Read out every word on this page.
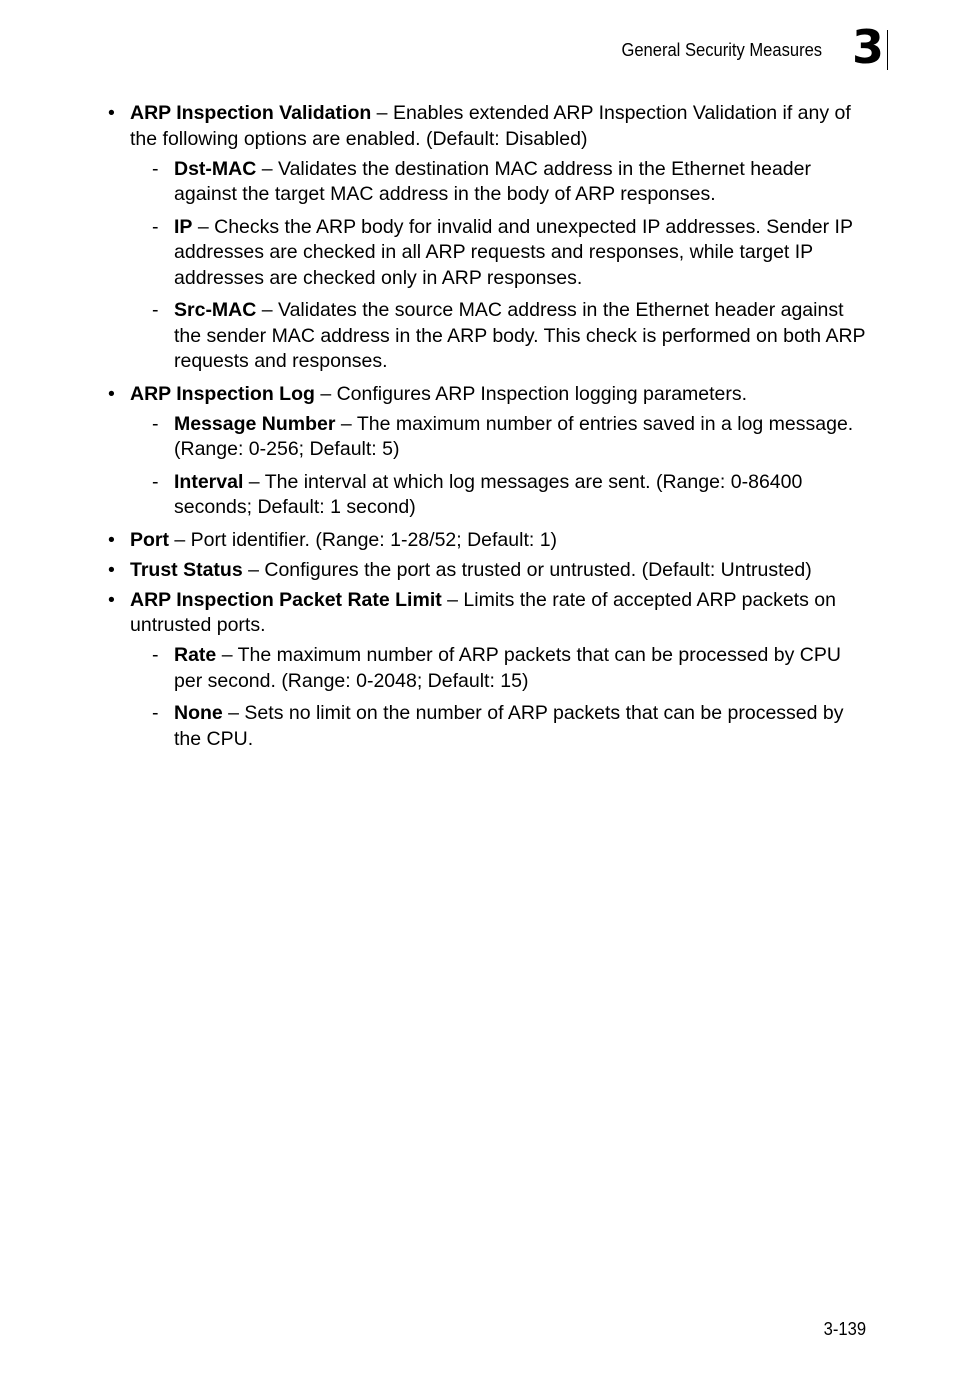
General Security Measures 3
• ARP Inspection Validation – Enables extended ARP Inspection Validation if any of the following options are enabled. (Default: Disabled)
- Dst-MAC – Validates the destination MAC address in the Ethernet header against the target MAC address in the body of ARP responses.
- IP – Checks the ARP body for invalid and unexpected IP addresses. Sender IP addresses are checked in all ARP requests and responses, while target IP addresses are checked only in ARP responses.
- Src-MAC – Validates the source MAC address in the Ethernet header against the sender MAC address in the ARP body. This check is performed on both ARP requests and responses.
• ARP Inspection Log – Configures ARP Inspection logging parameters.
- Message Number – The maximum number of entries saved in a log message. (Range: 0-256; Default: 5)
- Interval – The interval at which log messages are sent. (Range: 0-86400 seconds; Default: 1 second)
• Port – Port identifier. (Range: 1-28/52; Default: 1)
• Trust Status – Configures the port as trusted or untrusted. (Default: Untrusted)
• ARP Inspection Packet Rate Limit – Limits the rate of accepted ARP packets on untrusted ports.
- Rate – The maximum number of ARP packets that can be processed by CPU per second. (Range: 0-2048; Default: 15)
- None – Sets no limit on the number of ARP packets that can be processed by the CPU.
3-139
